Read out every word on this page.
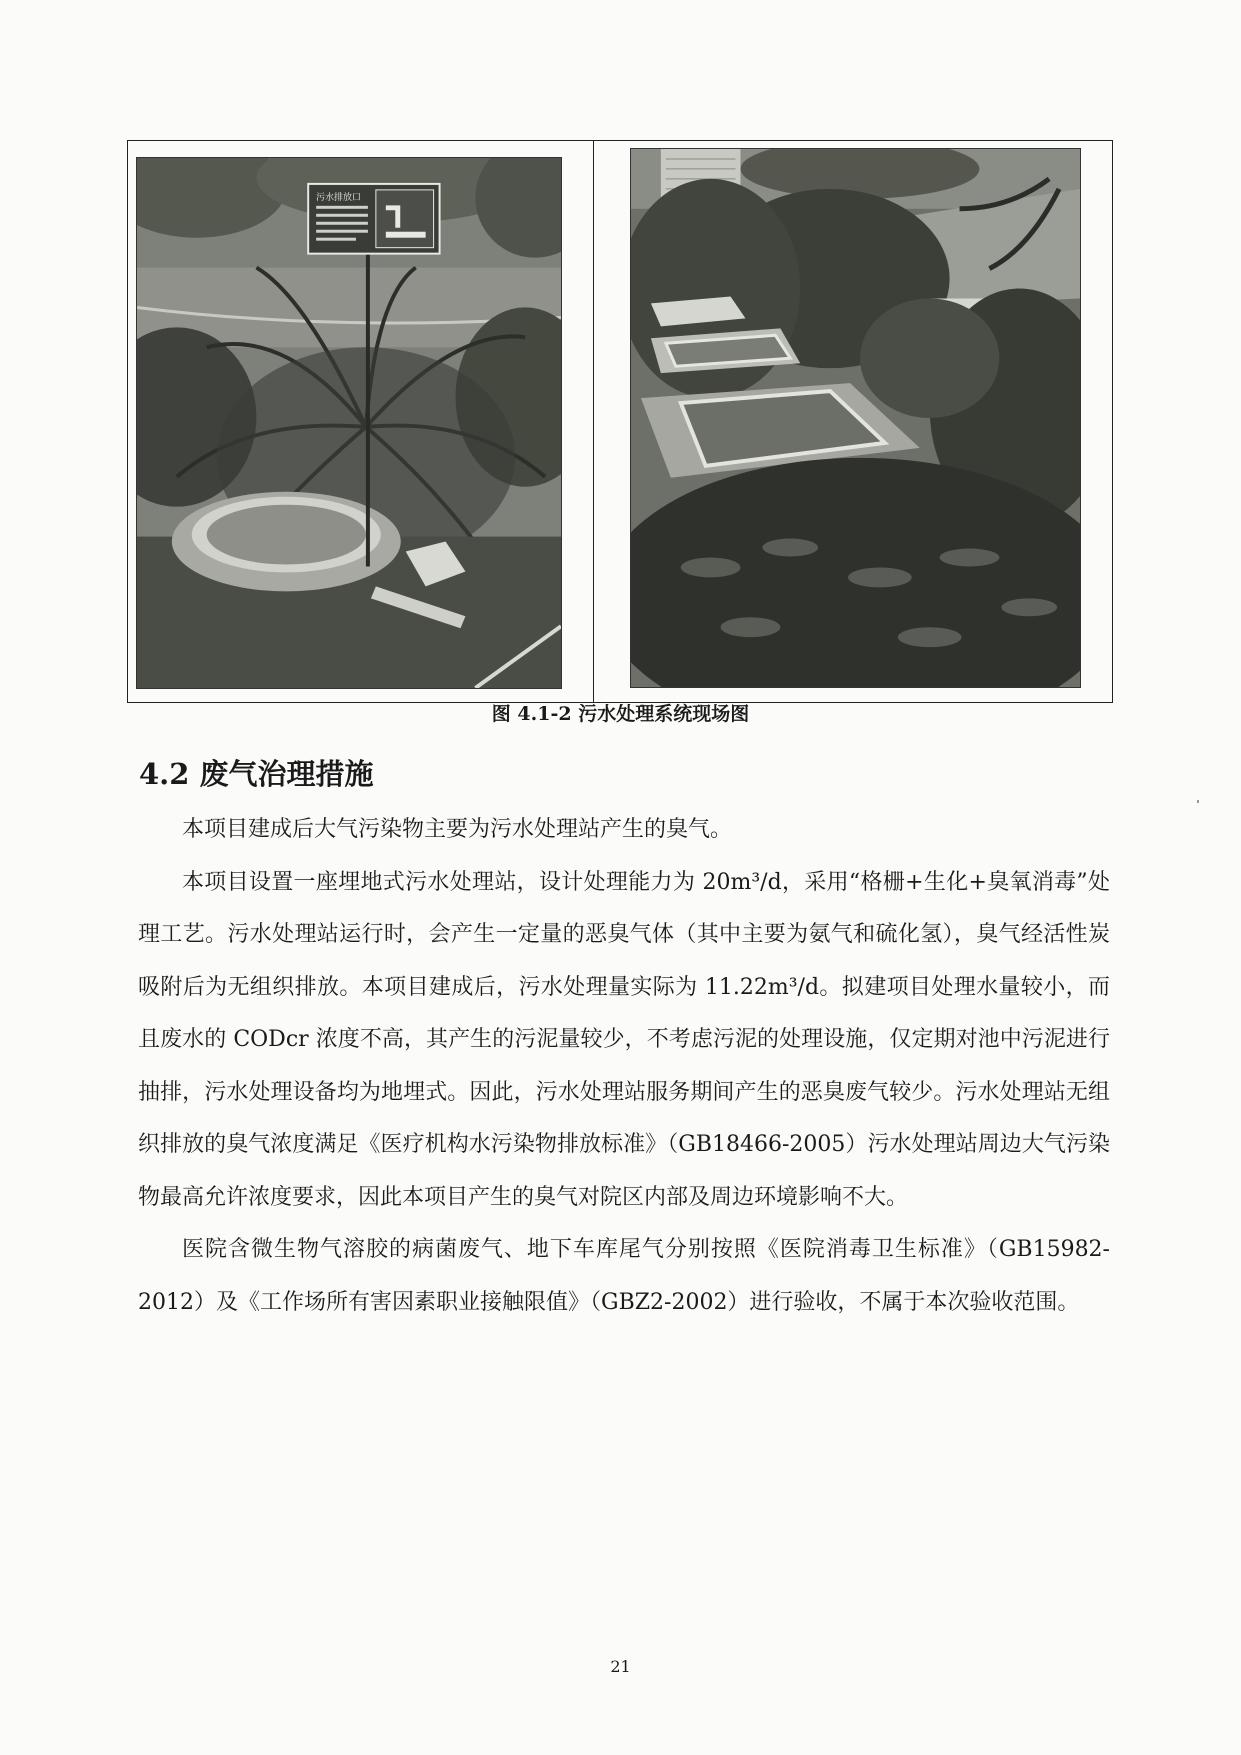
污水排放口
图 4.1-2 污水处理系统现场图
4.2 废气治理措施

本项目建成后大气污染物主要为污水处理站产生的臭气。

本项目设置一座埋地式污水处理站，设计处理能力为 20m³/d，采用“格栅+生化+臭氧消毒”处理工艺。污水处理站运行时，会产生一定量的恶臭气体（其中主要为氨气和硫化氢），臭气经活性炭吸附后为无组织排放。本项目建成后，污水处理量实际为 11.22m³/d。拟建项目处理水量较小，而且废水的 CODcr 浓度不高，其产生的污泥量较少，不考虑污泥的处理设施，仅定期对池中污泥进行抽排，污水处理设备均为地埋式。因此，污水处理站服务期间产生的恶臭废气较少。污水处理站无组织排放的臭气浓度满足《医疗机构水污染物排放标准》（GB18466-2005）污水处理站周边大气污染物最高允许浓度要求，因此本项目产生的臭气对院区内部及周边环境影响不大。

医院含微生物气溶胶的病菌废气、地下车库尾气分别按照《医院消毒卫生标准》（GB15982-2012）及《工作场所有害因素职业接触限值》（GBZ2-2002）进行验收，不属于本次验收范围。

21
